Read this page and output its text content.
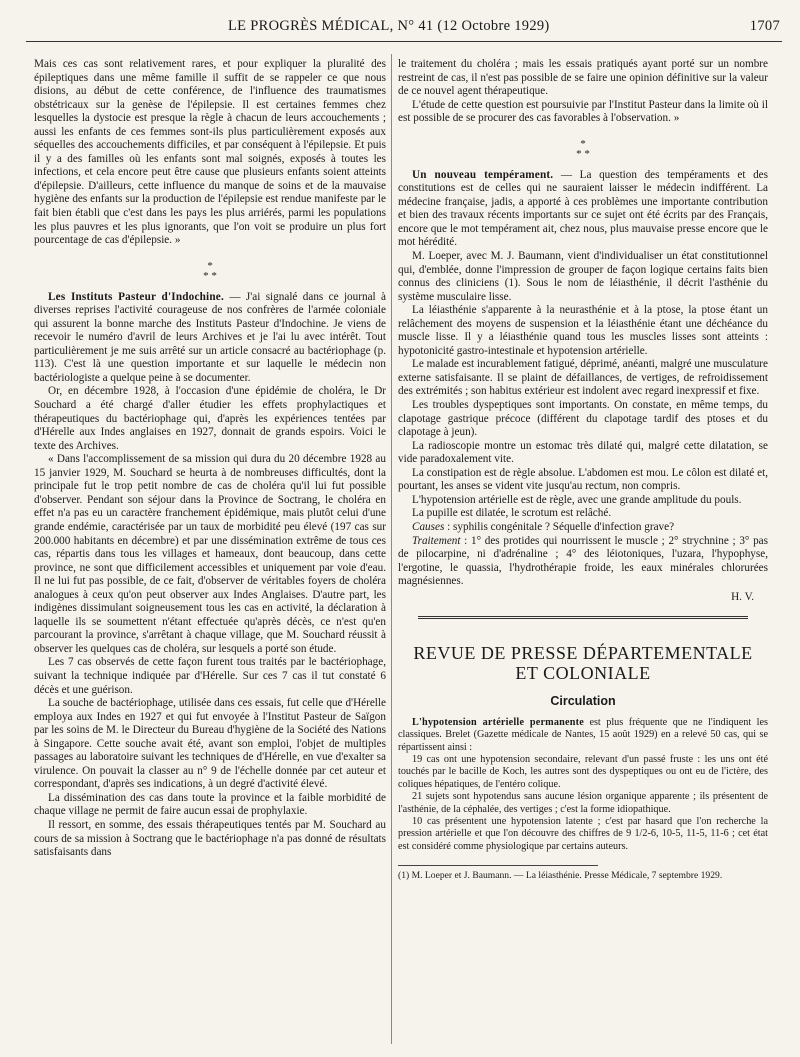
LE PROGRÈS MÉDICAL, N° 41 (12 Octobre 1929)	1707

Mais ces cas sont relativement rares, et pour expliquer la pluralité des épileptiques dans une même famille il suffit de se rappeler ce que nous disions, au début de cette conférence, de l'influence des traumatismes obstétricaux sur la genèse de l'épilepsie. Il est certaines femmes chez lesquelles la dystocie est presque la règle à chacun de leurs accouchements ; aussi les enfants de ces femmes sont-ils plus particulièrement exposés aux séquelles des accouchements difficiles, et par conséquent à l'épilepsie. Et puis il y a des familles où les enfants sont mal soignés, exposés à toutes les infections, et cela encore peut être cause que plusieurs enfants soient atteints d'épilepsie. D'ailleurs, cette influence du manque de soins et de la mauvaise hygiène des enfants sur la production de l'épilepsie est rendue manifeste par le fait bien établi que c'est dans les pays les plus arriérés, parmi les populations les plus pauvres et les plus ignorants, que l'on voit se produire un plus fort pourcentage de cas d'épilepsie. »

*
* *

Les Instituts Pasteur d'Indochine. — J'ai signalé dans ce journal à diverses reprises l'activité courageuse de nos confrères de l'armée coloniale qui assurent la bonne marche des Instituts Pasteur d'Indochine. Je viens de recevoir le numéro d'avril de leurs Archives et je l'ai lu avec intérêt. Tout particulièrement je me suis arrêté sur un article consacré au bactériophage (p. 113). C'est là une question importante et sur laquelle le médecin non bactériologiste a quelque peine à se documenter.

Or, en décembre 1928, à l'occasion d'une épidémie de choléra, le Dr Souchard a été chargé d'aller étudier les effets prophylactiques et thérapeutiques du bactériophage qui, d'après les expériences tentées par d'Hérelle aux Indes anglaises en 1927, donnait de grands espoirs. Voici le texte des Archives.

« Dans l'accomplissement de sa mission qui dura du 20 décembre 1928 au 15 janvier 1929, M. Souchard se heurta à de nombreuses difficultés, dont la principale fut le trop petit nombre de cas de choléra qu'il lui fut possible d'observer. Pendant son séjour dans la Province de Soctrang, le choléra en effet n'a pas eu un caractère franchement épidémique, mais plutôt celui d'une grande endémie, caractérisée par un taux de morbidité peu élevé (197 cas sur 200.000 habitants en décembre) et par une dissémination extrême de tous ces cas, répartis dans tous les villages et hameaux, dont beaucoup, dans cette province, ne sont que difficilement accessibles et uniquement par voie d'eau. Il ne lui fut pas possible, de ce fait, d'observer de véritables foyers de choléra analogues à ceux qu'on peut observer aux Indes Anglaises. D'autre part, les indigènes dissimulant soigneusement tous les cas en activité, la déclaration à laquelle ils se soumettent n'étant effectuée qu'après décès, ce n'est qu'en parcourant la province, s'arrêtant à chaque village, que M. Souchard réussit à observer les quelques cas de choléra, sur lesquels a porté son étude.

Les 7 cas observés de cette façon furent tous traités par le bactériophage, suivant la technique indiquée par d'Hérelle. Sur ces 7 cas il tut constaté 6 décès et une guérison.

La souche de bactériophage, utilisée dans ces essais, fut celle que d'Hérelle employa aux Indes en 1927 et qui fut envoyée à l'Institut Pasteur de Saïgon par les soins de M. le Directeur du Bureau d'hygiène de la Société des Nations à Singapore. Cette souche avait été, avant son emploi, l'objet de multiples passages au laboratoire suivant les techniques de d'Hérelle, en vue d'exalter sa virulence. On pouvait la classer au n° 9 de l'échelle donnée par cet auteur et correspondant, d'après ses indications, à un degré d'activité élevé.

La dissémination des cas dans toute la province et la faible morbidité de chaque village ne permit de faire aucun essai de prophylaxie.

Il ressort, en somme, des essais thérapeutiques tentés par M. Souchard au cours de sa mission à Soctrang que le bactériophage n'a pas donné de résultats satisfaisants dans

le traitement du choléra ; mais les essais pratiqués ayant porté sur un nombre restreint de cas, il n'est pas possible de se faire une opinion définitive sur la valeur de ce nouvel agent thérapeutique.

L'étude de cette question est poursuivie par l'Institut Pasteur dans la limite où il est possible de se procurer des cas favorables à l'observation. »

*
* *

Un nouveau tempérament. — La question des tempéraments et des constitutions est de celles qui ne sauraient laisser le médecin indifférent. La médecine française, jadis, a apporté à ces problèmes une importante contribution et bien des travaux récents importants sur ce sujet ont été écrits par des Français, encore que le mot tempérament ait, chez nous, plus mauvaise presse encore que le mot hérédité.

M. Loeper, avec M. J. Baumann, vient d'individualiser un état constitutionnel qui, d'emblée, donne l'impression de grouper de façon logique certains faits bien connus des cliniciens (1). Sous le nom de léiasthénie, il décrit l'asthénie du système musculaire lisse.

La léiasthénie s'apparente à la neurasthénie et à la ptose, la ptose étant un relâchement des moyens de suspension et la léiasthénie étant une déchéance du muscle lisse. Il y a léiasthénie quand tous les muscles lisses sont atteints : hypotonicité gastro-intestinale et hypotension artérielle.

Le malade est incurablement fatigué, déprimé, anéanti, malgré une musculature externe satisfaisante. Il se plaint de défaillances, de vertiges, de refroidissement des extrémités ; son habitus extérieur est indolent avec regard inexpressif et fixe.

Les troubles dyspeptiques sont importants. On constate, en même temps, du clapotage gastrique précoce (différent du clapotage tardif des ptoses et du clapotage à jeun).

La radioscopie montre un estomac très dilaté qui, malgré cette dilatation, se vide paradoxalement vite.

La constipation est de règle absolue. L'abdomen est mou. Le côlon est dilaté et, pourtant, les anses se vident vite jusqu'au rectum, non compris.

L'hypotension artérielle est de règle, avec une grande amplitude du pouls.

La pupille est dilatée, le scrotum est relâché.

Causes : syphilis congénitale ? Séquelle d'infection grave?

Traitement : 1° des protides qui nourrissent le muscle ; 2° strychnine ; 3° pas de pilocarpine, ni d'adrénaline ; 4° des léiotoniques, l'uzara, l'hypophyse, l'ergotine, le quassia, l'hydrothérapie froide, les eaux minérales chlorurées magnésiennes.

H. V.
REVUE DE PRESSE DÉPARTEMENTALE
ET COLONIALE
Circulation

L'hypotension artérielle permanente est plus fréquente que ne l'indiquent les classiques. Brelet (Gazette médicale de Nantes, 15 août 1929) en a relevé 50 cas, qui se répartissent ainsi :

19 cas ont une hypotension secondaire, relevant d'un passé fruste : les uns ont été touchés par le bacille de Koch, les autres sont des dyspeptiques ou ont eu de l'ictère, des coliques hépatiques, de l'entéro colique.

21 sujets sont hypotendus sans aucune lésion organique apparente ; ils présentent de l'asthénie, de la céphalée, des vertiges ; c'est la forme idiopathique.

10 cas présentent une hypotension latente ; c'est par hasard que l'on recherche la pression artérielle et que l'on découvre des chiffres de 9 1/2-6, 10-5, 11-5, 11-6 ; cet état est considéré comme physiologique par certains auteurs.

(1) M. Loeper et J. Baumann. — La léiasthénie. Presse Médicale, 7 septembre 1929.
